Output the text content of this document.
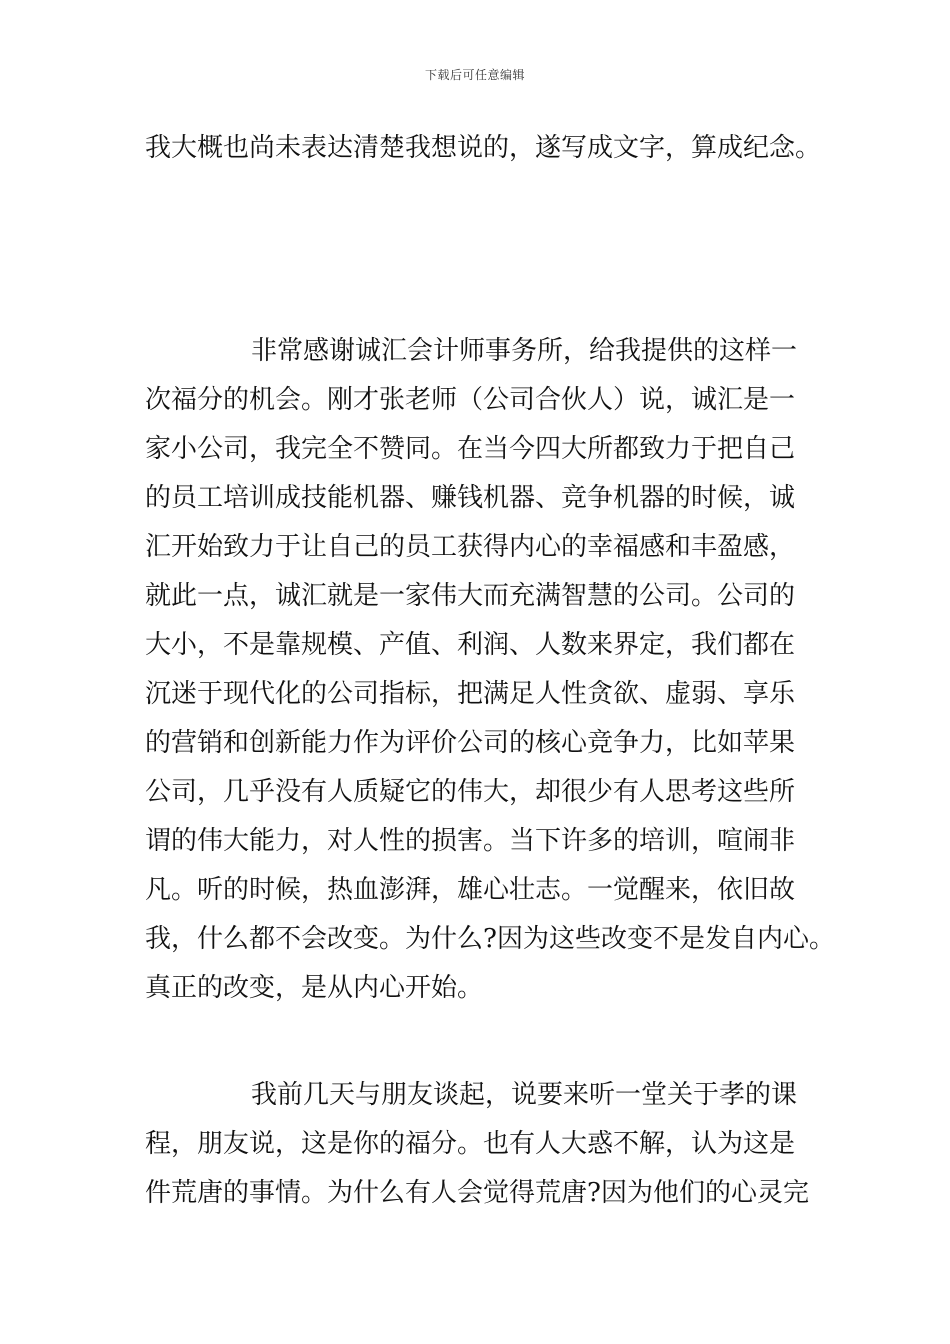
下载后可任意编辑
我大概也尚未表达清楚我想说的，遂写成文字，算成纪念。
非常感谢诚汇会计师事务所，给我提供的这样一
次福分的机会。刚才张老师（公司合伙人）说，诚汇是一
家小公司，我完全不赞同。在当今四大所都致力于把自己
的员工培训成技能机器、赚钱机器、竞争机器的时候，诚
汇开始致力于让自己的员工获得内心的幸福感和丰盈感，
就此一点，诚汇就是一家伟大而充满智慧的公司。公司的
大小，不是靠规模、产值、利润、人数来界定，我们都在
沉迷于现代化的公司指标，把满足人性贪欲、虚弱、享乐
的营销和创新能力作为评价公司的核心竞争力，比如苹果
公司，几乎没有人质疑它的伟大，却很少有人思考这些所
谓的伟大能力，对人性的损害。当下许多的培训，喧闹非
凡。听的时候，热血澎湃，雄心壮志。一觉醒来，依旧故
我，什么都不会改变。为什么?因为这些改变不是发自内心。
真正的改变，是从内心开始。
我前几天与朋友谈起，说要来听一堂关于孝的课
程，朋友说，这是你的福分。也有人大惑不解，认为这是
件荒唐的事情。为什么有人会觉得荒唐?因为他们的心灵完
